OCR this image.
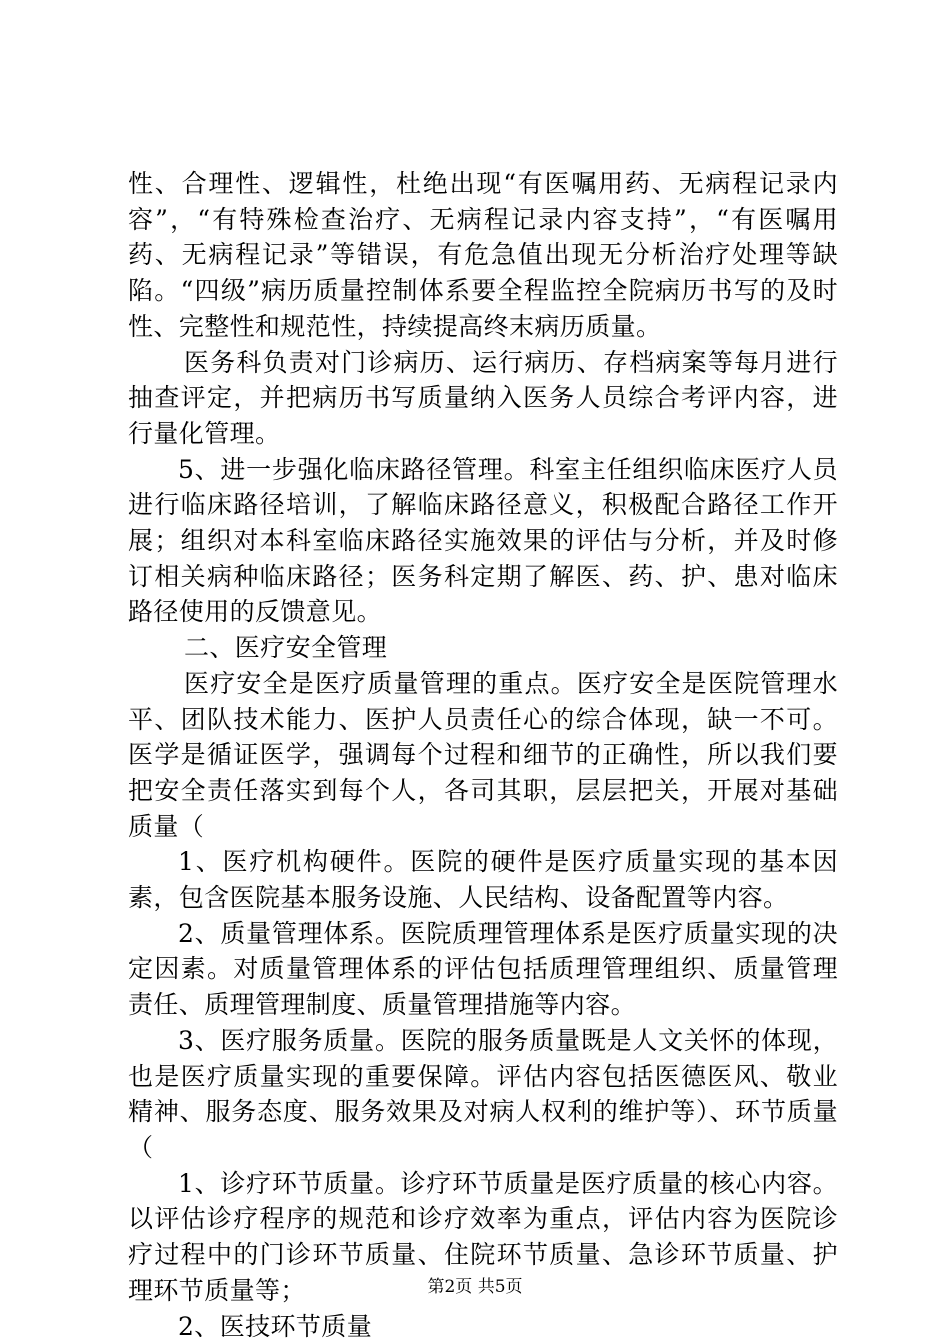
性、合理性、逻辑性，杜绝出现“有医嘱用药、无病程记录内容”，“有特殊检查治疗、无病程记录内容支持”，“有医嘱用药、无病程记录”等错误，有危急值出现无分析治疗处理等缺陷。“四级”病历质量控制体系要全程监控全院病历书写的及时性、完整性和规范性，持续提高终末病历质量。

医务科负责对门诊病历、运行病历、存档病案等每月进行抽查评定，并把病历书写质量纳入医务人员综合考评内容，进行量化管理。

5、进一步强化临床路径管理。科室主任组织临床医疗人员进行临床路径培训，了解临床路径意义，积极配合路径工作开展；组织对本科室临床路径实施效果的评估与分析，并及时修订相关病种临床路径；医务科定期了解医、药、护、患对临床路径使用的反馈意见。

二、医疗安全管理

医疗安全是医疗质量管理的重点。医疗安全是医院管理水平、团队技术能力、医护人员责任心的综合体现，缺一不可。医学是循证医学，强调每个过程和细节的正确性，所以我们要把安全责任落实到每个人，各司其职，层层把关，开展对基础质量（

1、医疗机构硬件。医院的硬件是医疗质量实现的基本因素，包含医院基本服务设施、人民结构、设备配置等内容。

2、质量管理体系。医院质理管理体系是医疗质量实现的决定因素。对质量管理体系的评估包括质理管理组织、质量管理责任、质理管理制度、质量管理措施等内容。

3、医疗服务质量。医院的服务质量既是人文关怀的体现，也是医疗质量实现的重要保障。评估内容包括医德医风、敬业精神、服务态度、服务效果及对病人权利的维护等）、环节质量（

1、诊疗环节质量。诊疗环节质量是医疗质量的核心内容。以评估诊疗程序的规范和诊疗效率为重点，评估内容为医院诊疗过程中的门诊环节质量、住院环节质量、急诊环节质量、护理环节质量等；

2、医技环节质量

第2页 共5页
